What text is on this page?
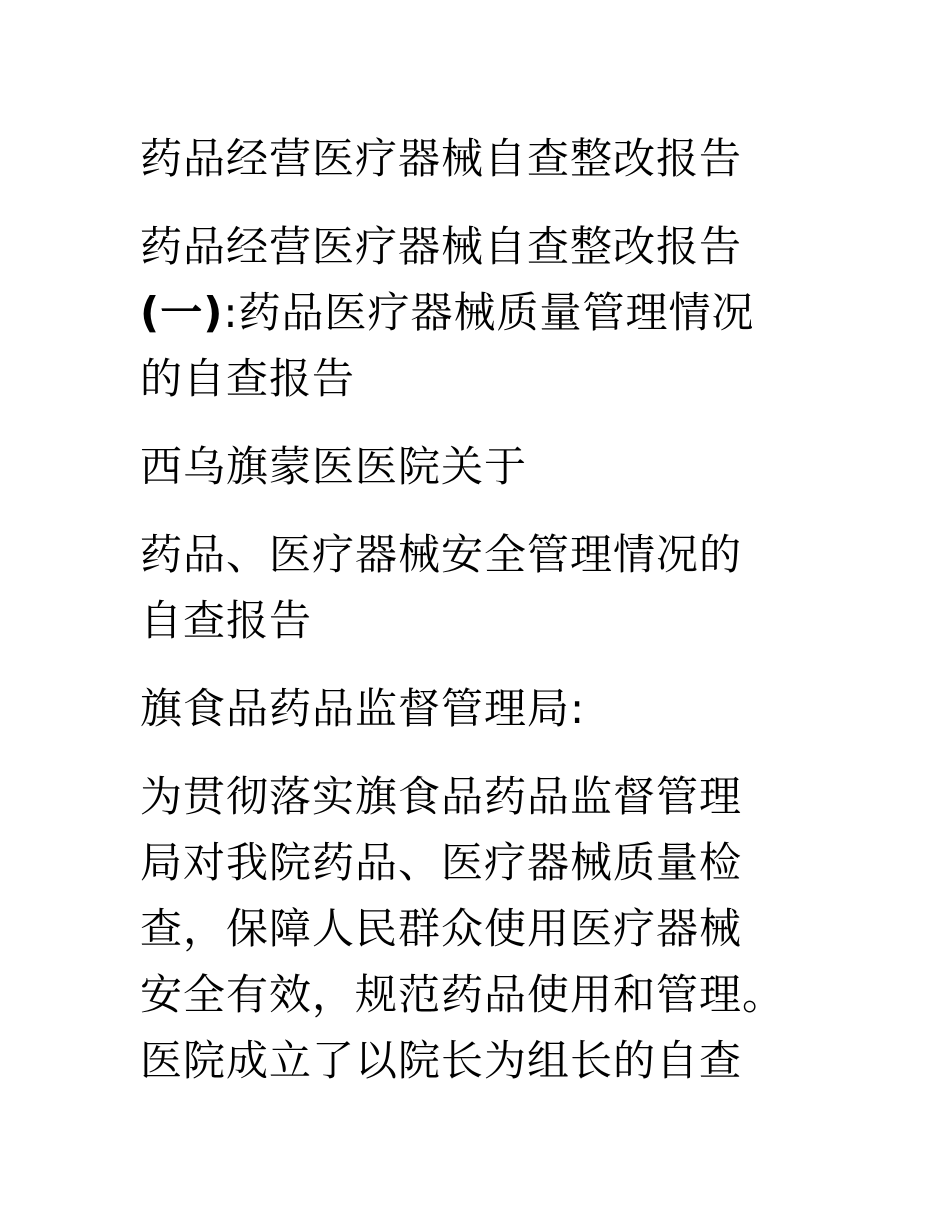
药品经营医疗器械自查整改报告
药品经营医疗器械自查整改报告
(一):药品医疗器械质量管理情况
的自查报告
西乌旗蒙医医院关于
药品、医疗器械安全管理情况的
自查报告
旗食品药品监督管理局:
为贯彻落实旗食品药品监督管理
局对我院药品、医疗器械质量检
查，保障人民群众使用医疗器械
安全有效，规范药品使用和管理。
医院成立了以院长为组长的自查
